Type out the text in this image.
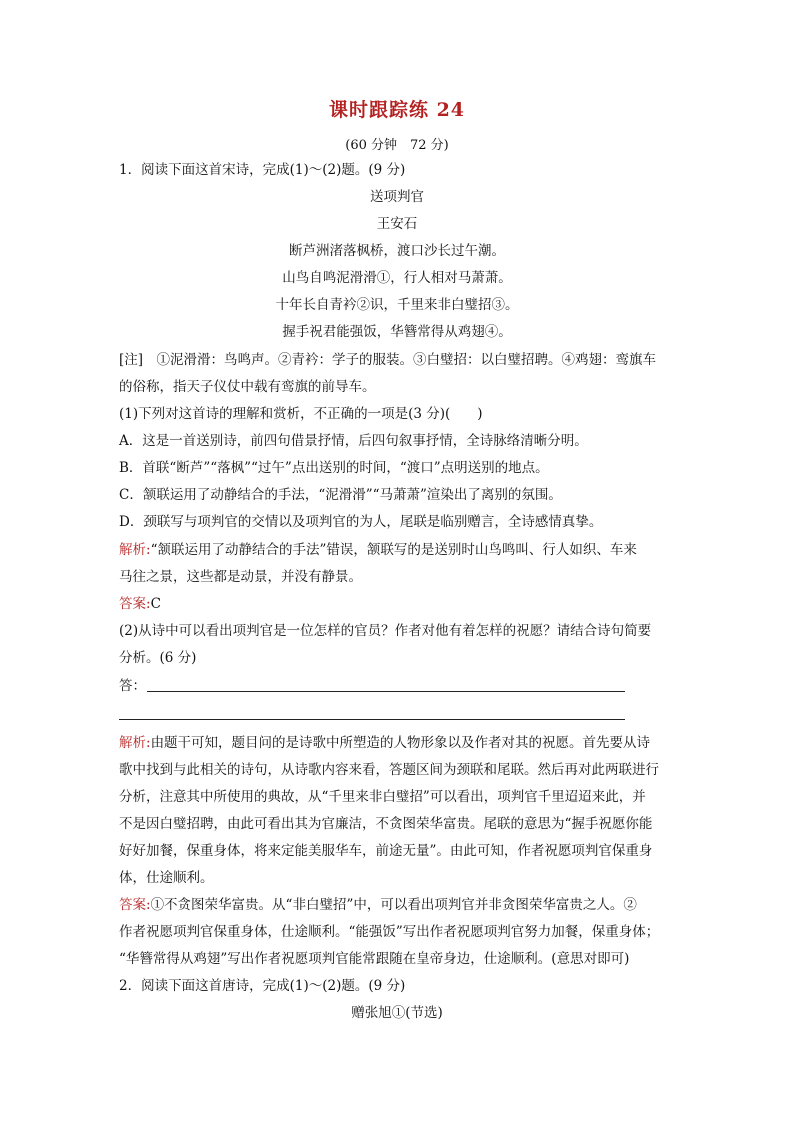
课时跟踪练 24
(60 分钟　72 分)
1．阅读下面这首宋诗，完成(1)～(2)题。(9 分)
送项判官
王安石
断芦洲渚落枫桥，渡口沙长过午潮。
山鸟自鸣泥滑滑①，行人相对马萧萧。
十年长自青衿②识，千里来非白璧招③。
握手祝君能强饭，华簪常得从鸡翅④。
[注]　①泥滑滑：鸟鸣声。②青衿：学子的服装。③白璧招：以白璧招聘。④鸡翅：鸾旗车
的俗称，指天子仪仗中载有鸾旗的前导车。
(1)下列对这首诗的理解和赏析，不正确的一项是(3 分)(　　)
A．这是一首送别诗，前四句借景抒情，后四句叙事抒情，全诗脉络清晰分明。
B．首联“断芦”“落枫”“过午”点出送别的时间，“渡口”点明送别的地点。
C．颔联运用了动静结合的手法，“泥滑滑”“马萧萧”渲染出了离别的氛围。
D．颈联写与项判官的交情以及项判官的为人，尾联是临别赠言，全诗感情真挚。
解析:“颔联运用了动静结合的手法”错误，颔联写的是送别时山鸟鸣叫、行人如织、车来
马往之景，这些都是动景，并没有静景。
答案:C
(2)从诗中可以看出项判官是一位怎样的官员？作者对他有着怎样的祝愿？请结合诗句简要
分析。(6 分)
答：
解析:由题干可知，题目问的是诗歌中所塑造的人物形象以及作者对其的祝愿。首先要从诗
歌中找到与此相关的诗句，从诗歌内容来看，答题区间为颈联和尾联。然后再对此两联进行
分析，注意其中所使用的典故，从“千里来非白璧招”可以看出，项判官千里迢迢来此，并
不是因白璧招聘，由此可看出其为官廉洁，不贪图荣华富贵。尾联的意思为“握手祝愿你能
好好加餐，保重身体，将来定能美服华车，前途无量”。由此可知，作者祝愿项判官保重身
体，仕途顺利。
答案:①不贪图荣华富贵。从“非白璧招”中，可以看出项判官并非贪图荣华富贵之人。②
作者祝愿项判官保重身体，仕途顺利。“能强饭”写出作者祝愿项判官努力加餐，保重身体；
“华簪常得从鸡翅”写出作者祝愿项判官能常跟随在皇帝身边，仕途顺利。(意思对即可)
2．阅读下面这首唐诗，完成(1)～(2)题。(9 分)
赠张旭①(节选)
